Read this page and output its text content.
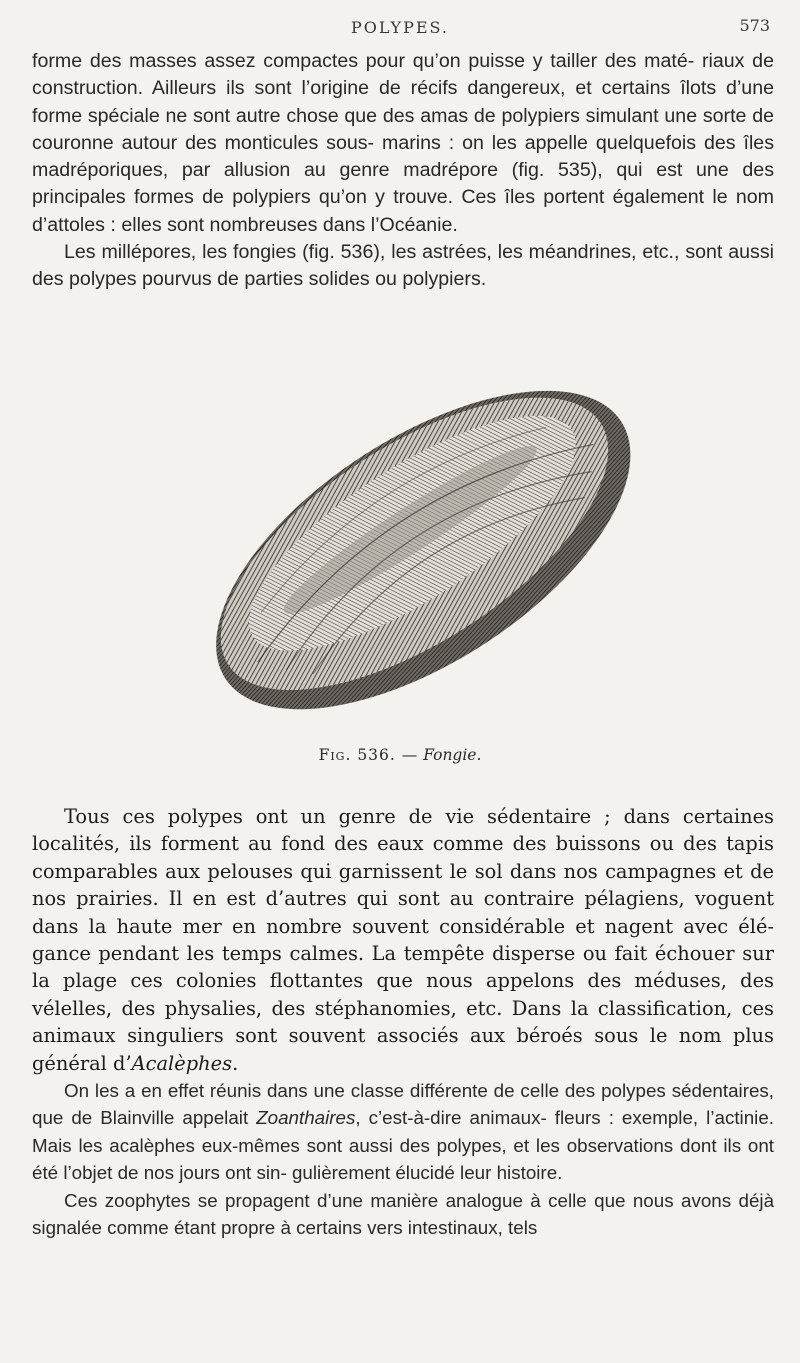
POLYPES.	573

forme des masses assez compactes pour qu’on puisse y tailler des maté- riaux de construction. Ailleurs ils sont l’origine de récifs dangereux, et certains îlots d’une forme spéciale ne sont autre chose que des amas de polypiers simulant une sorte de couronne autour des monticules sous- marins : on les appelle quelquefois des îles madréporiques, par allusion au genre madrépore (fig. 535), qui est une des principales formes de polypiers qu’on y trouve. Ces îles portent également le nom d’attoles : elles sont nombreuses dans l’Océanie.

Les millépores, les fongies (fig. 536), les astrées, les méandrines, etc., sont aussi des polypes pourvus de parties solides ou polypiers.

Fig. 536. — Fongie.

Tous ces polypes ont un genre de vie sédentaire ; dans certaines localités, ils forment au fond des eaux comme des buissons ou des tapis comparables aux pelouses qui garnissent le sol dans nos campagnes et de nos prairies. Il en est d’autres qui sont au contraire pélagiens, voguent dans la haute mer en nombre souvent considérable et nagent avec élé- gance pendant les temps calmes. La tempête disperse ou fait échouer sur la plage ces colonies flottantes que nous appelons des méduses, des vélelles, des physalies, des stéphanomies, etc. Dans la classification, ces animaux singuliers sont souvent associés aux béroés sous le nom plus général d’Acalèphes.

On les a en effet réunis dans une classe différente de celle des polypes sédentaires, que de Blainville appelait Zoanthaires, c’est-à-dire animaux- fleurs : exemple, l’actinie. Mais les acalèphes eux-mêmes sont aussi des polypes, et les observations dont ils ont été l’objet de nos jours ont sin- gulièrement élucidé leur histoire.

Ces zoophytes se propagent d’une manière analogue à celle que nous avons déjà signalée comme étant propre à certains vers intestinaux, tels
